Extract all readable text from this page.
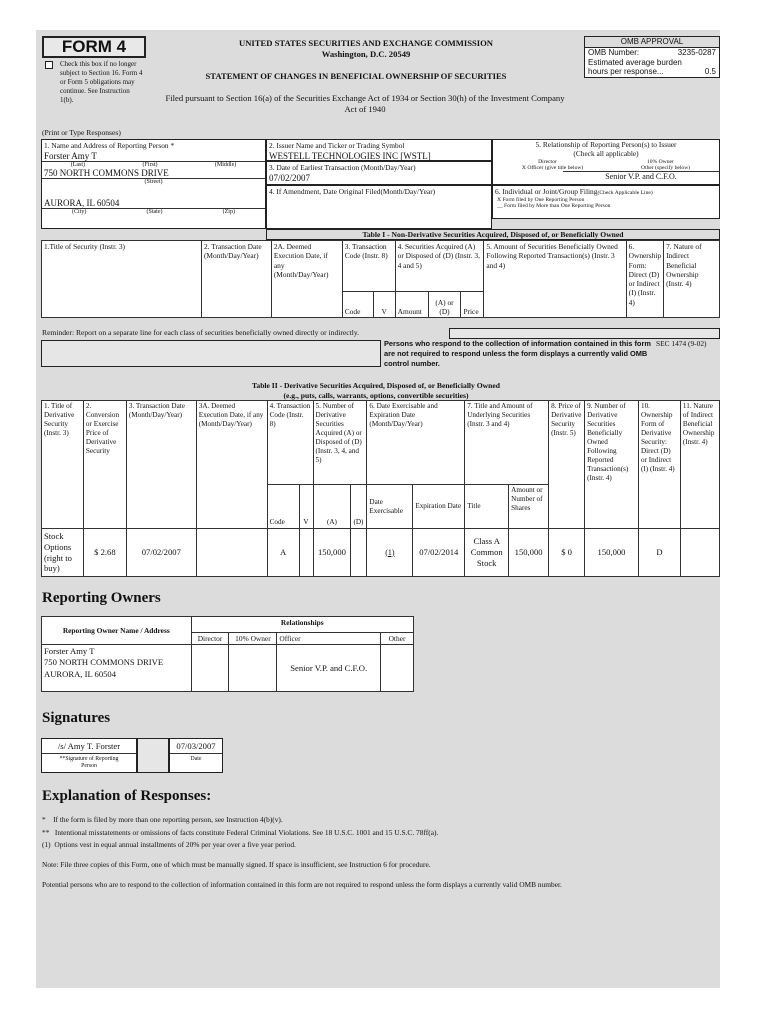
FORM 4
Check this box if no longer subject to Section 16. Form 4 or Form 5 obligations may continue. See Instruction 1(b).
UNITED STATES SECURITIES AND EXCHANGE COMMISSION
Washington, D.C. 20549
STATEMENT OF CHANGES IN BENEFICIAL OWNERSHIP OF SECURITIES
Filed pursuant to Section 16(a) of the Securities Exchange Act of 1934 or Section 30(h) of the Investment Company Act of 1940
OMB APPROVAL
OMB Number:	3235-0287
Estimated average burden
hours per response...	0.5
(Print or Type Responses)
1. Name and Address of Reporting Person *
Forster Amy T
(Last)	(First)	(Middle)
750 NORTH COMMONS DRIVE
(Street)
AURORA, IL 60504
(City)	(State)	(Zip)
2. Issuer Name and Ticker or Trading Symbol
WESTELL TECHNOLOGIES INC [WSTL]
3. Date of Earliest Transaction (Month/Day/Year)
07/02/2007
4. If Amendment, Date Original Filed(Month/Day/Year)
5. Relationship of Reporting Person(s) to Issuer
(Check all applicable)
Director	10% Owner
X Officer (give title below)	Other (specify below)
Senior V.P. and C.F.O.
6. Individual or Joint/Group Filing(Check Applicable Line)
X Form filed by One Reporting Person
__ Form filed by More than One Reporting Person
Table I - Non-Derivative Securities Acquired, Disposed of, or Beneficially Owned
1.Title of Security (Instr. 3)	2. Transaction Date (Month/Day/Year)	2A. Deemed Execution Date, if any (Month/Day/Year)	3. Transaction Code (Instr. 8)		4. Securities Acquired (A) or Disposed of (D) (Instr. 3, 4 and 5)			5. Amount of Securities Beneficially Owned Following Reported Transaction(s) (Instr. 3 and 4)	6. Ownership Form: Direct (D) or Indirect (I) (Instr. 4)	7. Nature of Indirect Beneficial Ownership (Instr. 4)
			Code	V	Amount	(A) or (D)	Price			
Reminder: Report on a separate line for each class of securities beneficially owned directly or indirectly.
Persons who respond to the collection of information contained in this form are not required to respond unless the form displays a currently valid OMB control number.
SEC 1474 (9-02)
Table II - Derivative Securities Acquired, Disposed of, or Beneficially Owned
(e.g., puts, calls, warrants, options, convertible securities)
1. Title of Derivative Security (Instr. 3)	2. Conversion or Exercise Price of Derivative Security	3. Transaction Date (Month/Day/Year)	3A. Deemed Execution Date, if any (Month/Day/Year)	4. Transaction Code (Instr. 8)		5. Number of Derivative Securities Acquired (A) or Disposed of (D) (Instr. 3, 4, and 5)		6. Date Exercisable and Expiration Date (Month/Day/Year)		7. Title and Amount of Underlying Securities (Instr. 3 and 4)		8. Price of Derivative Security (Instr. 5)	9. Number of Derivative Securities Beneficially Owned Following Reported Transaction(s) (Instr. 4)	10. Ownership Form of Derivative Security: Direct (D) or Indirect (I) (Instr. 4)	11. Nature of Indirect Beneficial Ownership (Instr. 4)
				Code	V	(A)	(D)	Date Exercisable	Expiration Date	Title	Amount or Number of Shares				
Stock Options (right to buy)	$ 2.68	07/02/2007		A		150,000		(1)	07/02/2014	Class A Common Stock	150,000	$ 0	150,000	D	
Reporting Owners
Reporting Owner Name / Address	Relationships			
	Director	10% Owner	Officer	Other

Forster Amy T
750 NORTH COMMONS DRIVE
AURORA, IL 60504			Senior V.P. and C.F.O.	
Signatures
/s/ Amy T. Forster
**Signature of Reporting Person
07/03/2007
Date
Explanation of Responses:
*    If the form is filed by more than one reporting person, see Instruction 4(b)(v).
**   Intentional misstatements or omissions of facts constitute Federal Criminal Violations. See 18 U.S.C. 1001 and 15 U.S.C. 78ff(a).
(1)  Options vest in equal annual installments of 20% per year over a five year period.
Note: File three copies of this Form, one of which must be manually signed. If space is insufficient, see Instruction 6 for procedure.
Potential persons who are to respond to the collection of information contained in this form are not required to respond unless the form displays a currently valid OMB number.
